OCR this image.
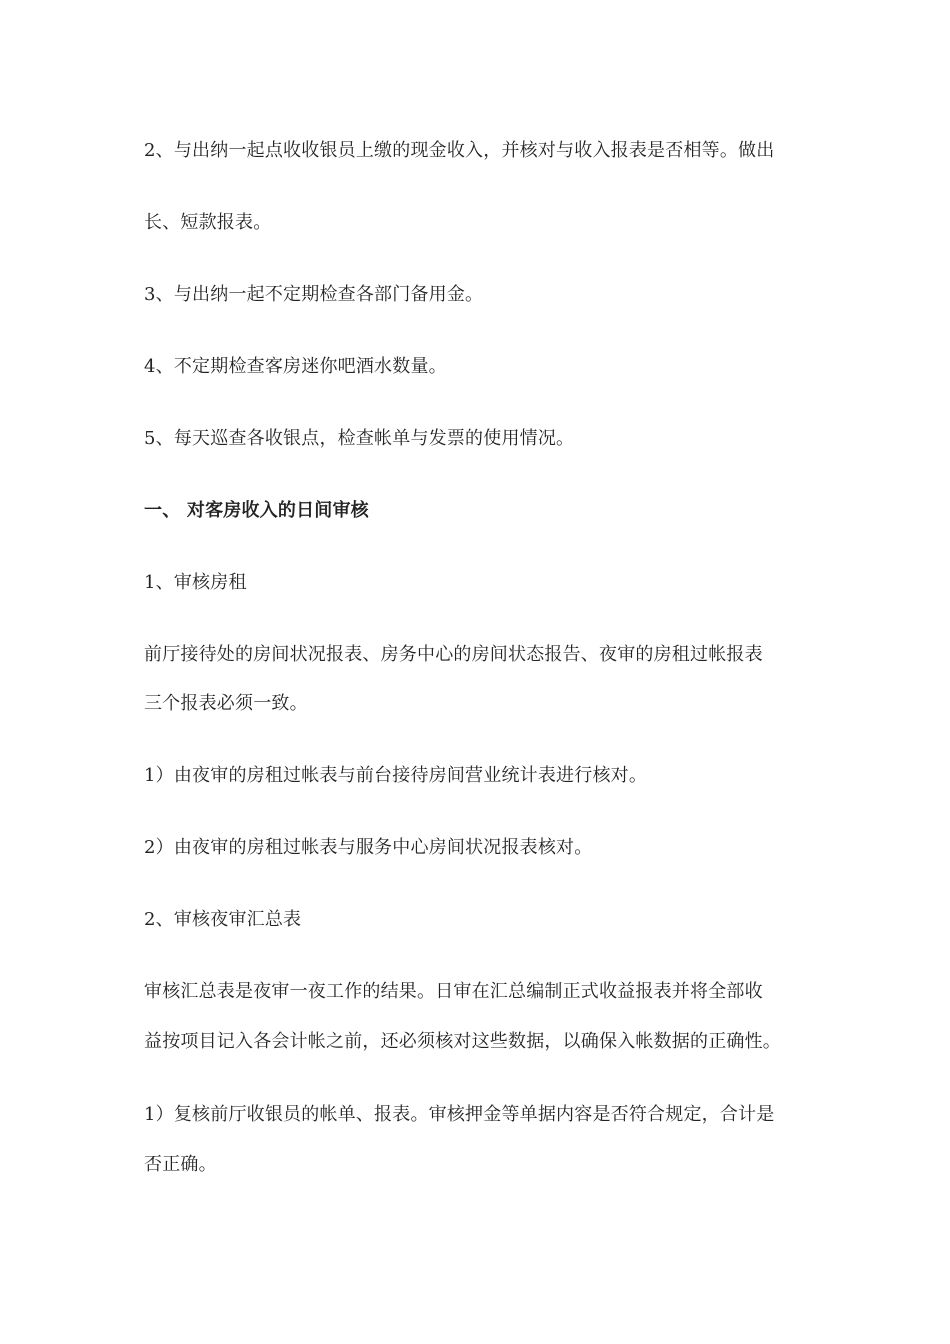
2、与出纳一起点收收银员上缴的现金收入，并核对与收入报表是否相等。做出
长、短款报表。
3、与出纳一起不定期检查各部门备用金。
4、不定期检查客房迷你吧酒水数量。
5、每天巡查各收银点，检查帐单与发票的使用情况。
一、 对客房收入的日间审核
1、审核房租
前厅接待处的房间状况报表、房务中心的房间状态报告、夜审的房租过帐报表
三个报表必须一致。
1）由夜审的房租过帐表与前台接待房间营业统计表进行核对。
2）由夜审的房租过帐表与服务中心房间状况报表核对。
2、审核夜审汇总表
审核汇总表是夜审一夜工作的结果。日审在汇总编制正式收益报表并将全部收
益按项目记入各会计帐之前，还必须核对这些数据，以确保入帐数据的正确性。
1）复核前厅收银员的帐单、报表。审核押金等单据内容是否符合规定，合计是
否正确。
